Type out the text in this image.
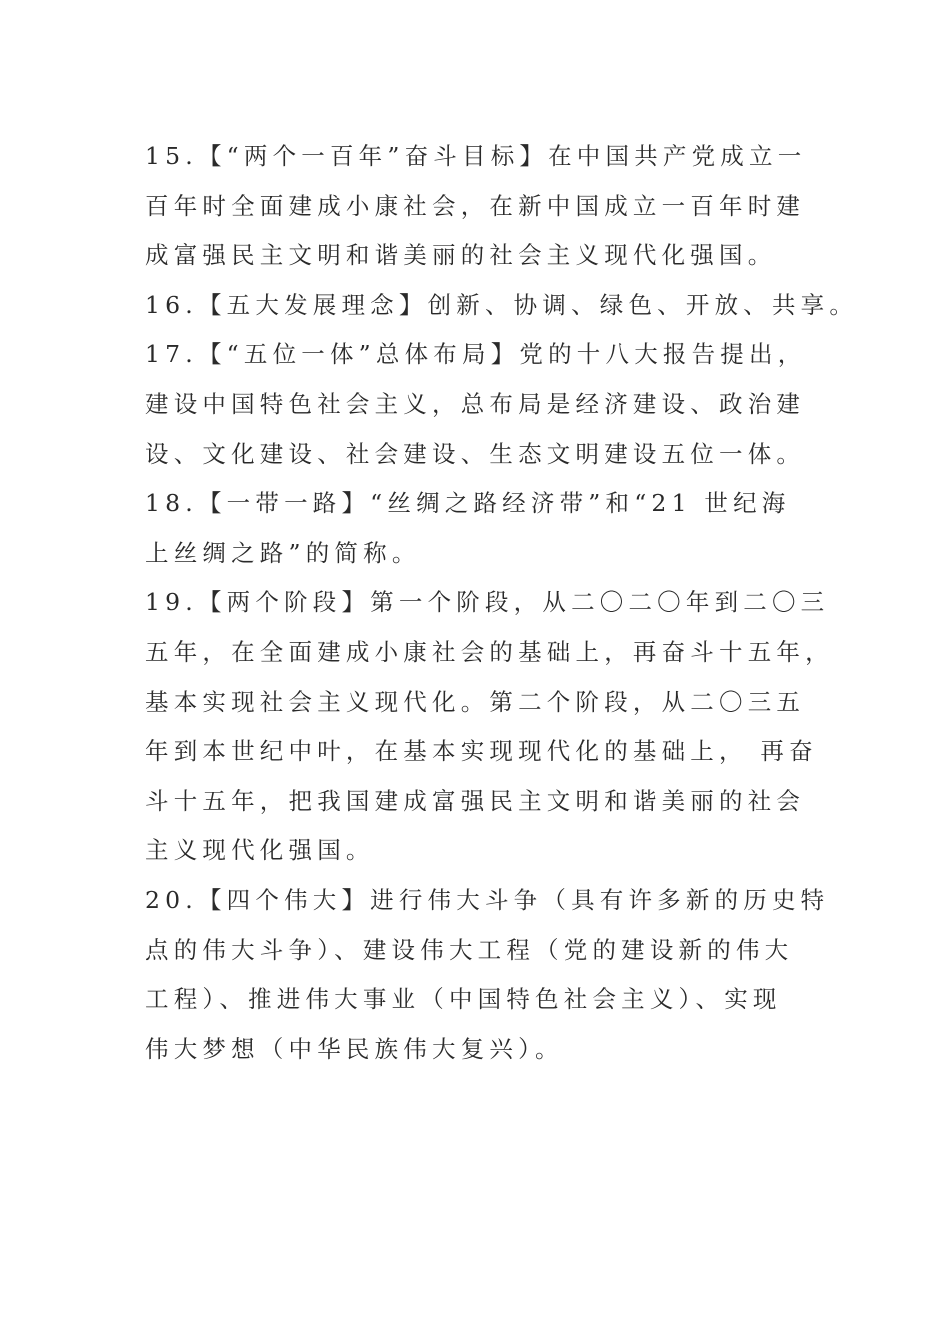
15.【“两个一百年”奋斗目标】在中国共产党成立一
百年时全面建成小康社会，在新中国成立一百年时建
成富强民主文明和谐美丽的社会主义现代化强国。
16.【五大发展理念】创新、协调、绿色、开放、共享。
17.【“五位一体”总体布局】党的十八大报告提出，
建设中国特色社会主义，总布局是经济建设、政治建
设、文化建设、社会建设、生态文明建设五位一体。
18.【一带一路】“丝绸之路经济带”和“21 世纪海
上丝绸之路”的简称。
19.【两个阶段】第一个阶段，从二〇二〇年到二〇三
五年，在全面建成小康社会的基础上，再奋斗十五年，
基本实现社会主义现代化。第二个阶段，从二〇三五
年到本世纪中叶，在基本实现现代化的基础上， 再奋
斗十五年，把我国建成富强民主文明和谐美丽的社会
主义现代化强国。
20.【四个伟大】进行伟大斗争（具有许多新的历史特
点的伟大斗争）、建设伟大工程（党的建设新的伟大
工程）、推进伟大事业（中国特色社会主义）、实现
伟大梦想（中华民族伟大复兴）。
